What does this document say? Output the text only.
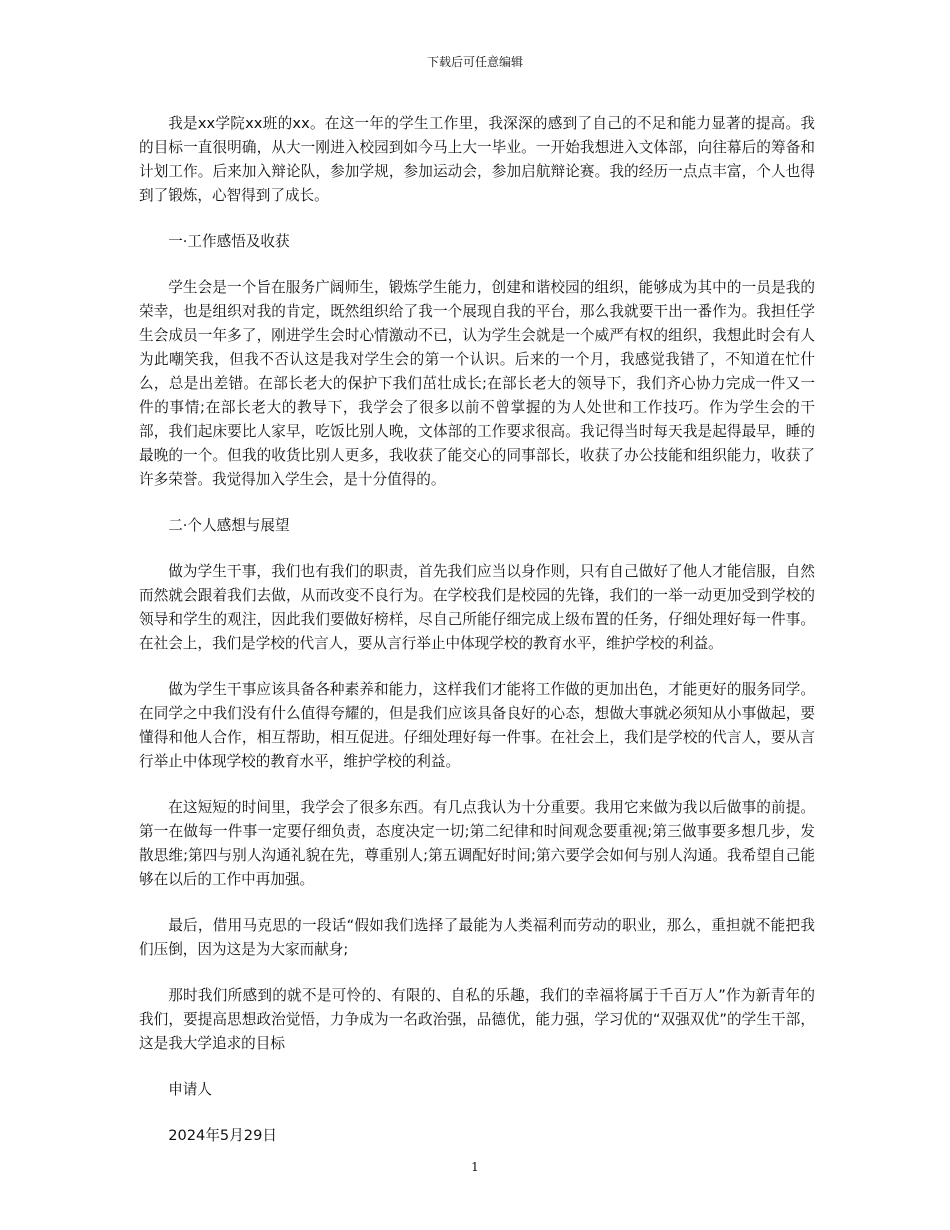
下载后可任意编辑

我是xx学院xx班的xx。在这一年的学生工作里，我深深的感到了自己的不足和能力显著的提高。我的目标一直很明确，从大一刚进入校园到如今马上大一毕业。一开始我想进入文体部，向往幕后的筹备和计划工作。后来加入辩论队，参加学规，参加运动会，参加启航辩论赛。我的经历一点点丰富，个人也得到了锻炼，心智得到了成长。

一·工作感悟及收获

学生会是一个旨在服务广阔师生，锻炼学生能力，创建和谐校园的组织，能够成为其中的一员是我的荣幸，也是组织对我的肯定，既然组织给了我一个展现自我的平台，那么我就要干出一番作为。我担任学生会成员一年多了，刚进学生会时心情激动不已，认为学生会就是一个威严有权的组织，我想此时会有人为此嘲笑我，但我不否认这是我对学生会的第一个认识。后来的一个月，我感觉我错了，不知道在忙什么，总是出差错。在部长老大的保护下我们茁壮成长;在部长老大的领导下，我们齐心协力完成一件又一件的事情;在部长老大的教导下，我学会了很多以前不曾掌握的为人处世和工作技巧。作为学生会的干部，我们起床要比人家早，吃饭比别人晚，文体部的工作要求很高。我记得当时每天我是起得最早，睡的最晚的一个。但我的收货比别人更多，我收获了能交心的同事部长，收获了办公技能和组织能力，收获了许多荣誉。我觉得加入学生会，是十分值得的。

二·个人感想与展望

做为学生干事，我们也有我们的职责，首先我们应当以身作则，只有自己做好了他人才能信服，自然而然就会跟着我们去做，从而改变不良行为。在学校我们是校园的先锋，我们的一举一动更加受到学校的领导和学生的观注，因此我们要做好榜样，尽自己所能仔细完成上级布置的任务，仔细处理好每一件事。在社会上，我们是学校的代言人，要从言行举止中体现学校的教育水平，维护学校的利益。

做为学生干事应该具备各种素养和能力，这样我们才能将工作做的更加出色，才能更好的服务同学。在同学之中我们没有什么值得夸耀的，但是我们应该具备良好的心态，想做大事就必须知从小事做起，要懂得和他人合作，相互帮助，相互促进。仔细处理好每一件事。在社会上，我们是学校的代言人，要从言行举止中体现学校的教育水平，维护学校的利益。

在这短短的时间里，我学会了很多东西。有几点我认为十分重要。我用它来做为我以后做事的前提。第一在做每一件事一定要仔细负责，态度决定一切;第二纪律和时间观念要重视;第三做事要多想几步，发散思维;第四与别人沟通礼貌在先，尊重别人;第五调配好时间;第六要学会如何与别人沟通。我希望自己能够在以后的工作中再加强。

最后，借用马克思的一段话“假如我们选择了最能为人类福利而劳动的职业，那么，重担就不能把我们压倒，因为这是为大家而献身;

那时我们所感到的就不是可怜的、有限的、自私的乐趣，我们的幸福将属于千百万人”作为新青年的我们，要提高思想政治觉悟，力争成为一名政治强，品德优，能力强，学习优的“双强双优”的学生干部，这是我大学追求的目标

申请人

2024年5月29日

1
